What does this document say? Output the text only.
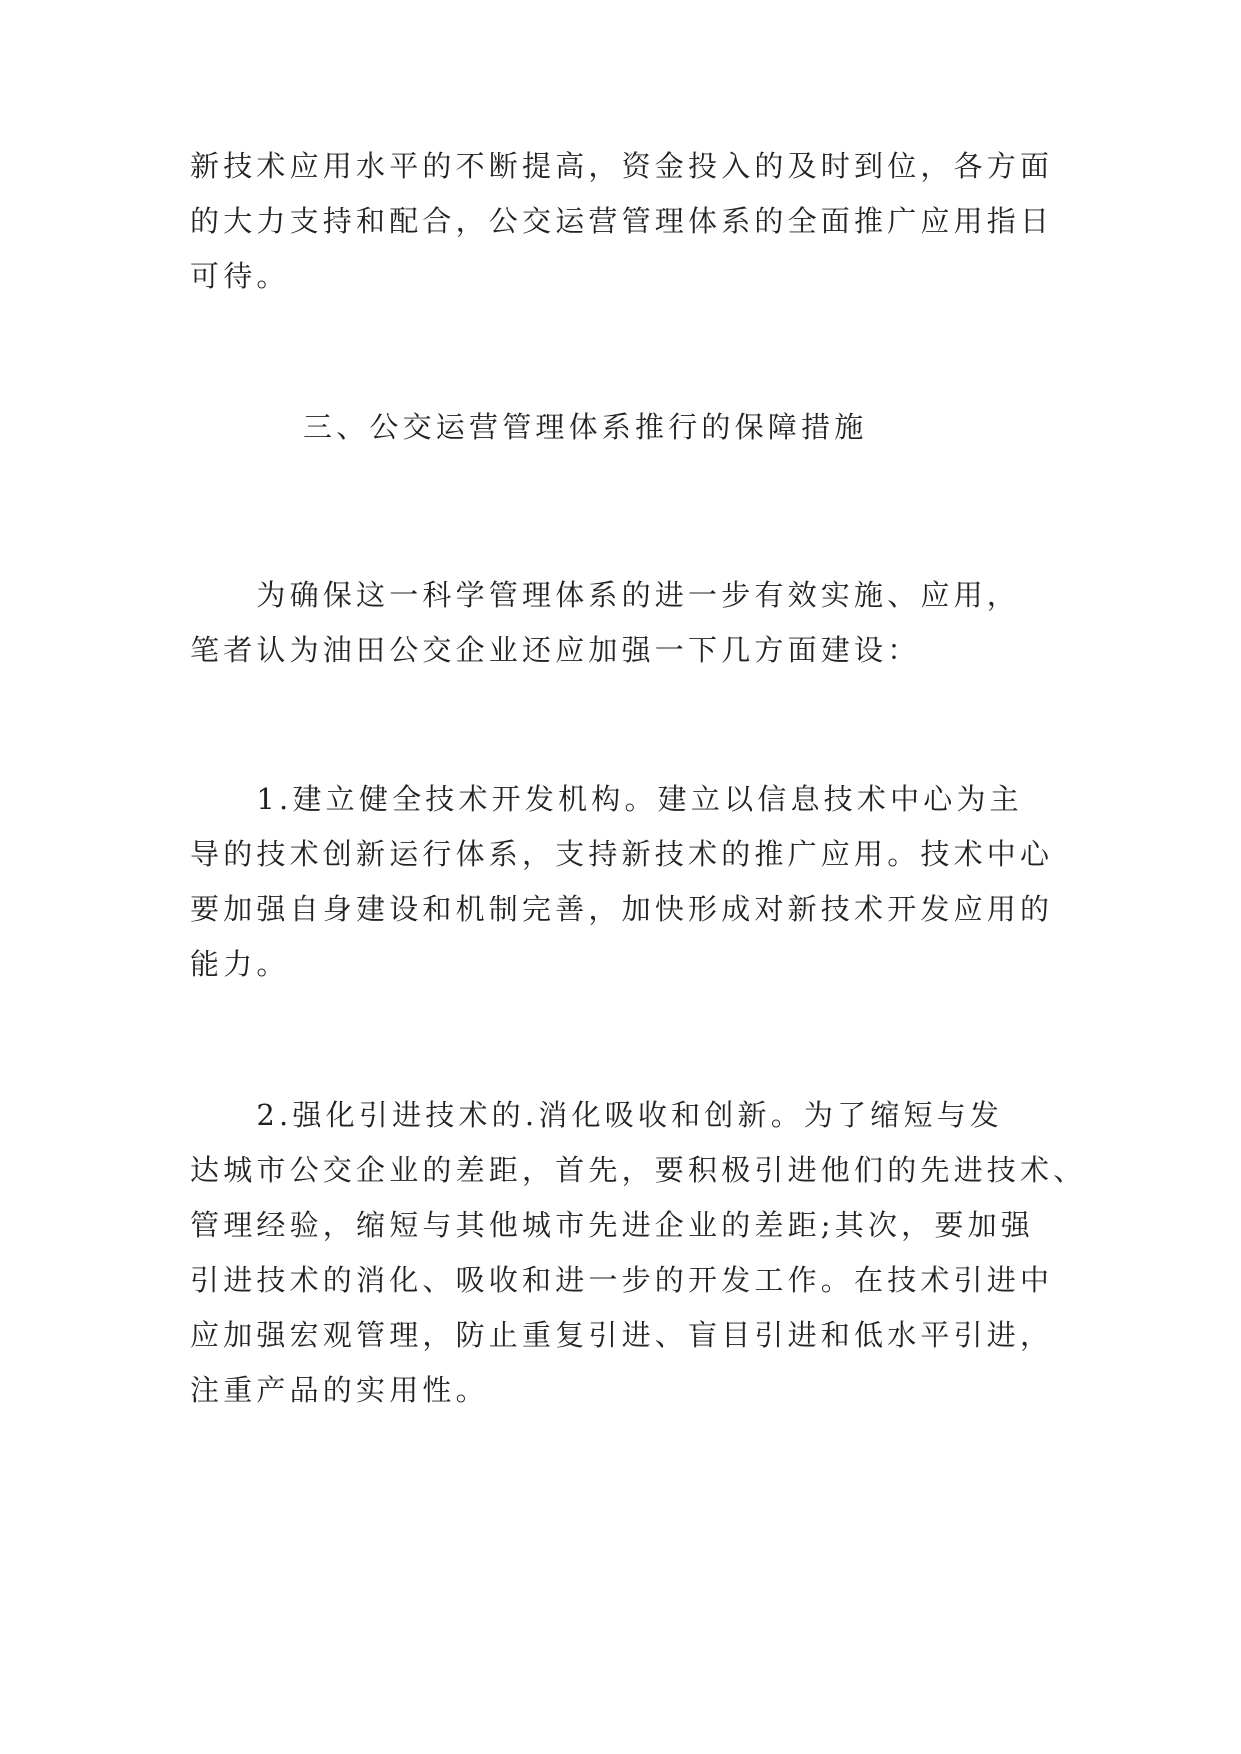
新技术应用水平的不断提高，资金投入的及时到位，各方面
的大力支持和配合，公交运营管理体系的全面推广应用指日
可待。
三、公交运营管理体系推行的保障措施
　　为确保这一科学管理体系的进一步有效实施、应用，
笔者认为油田公交企业还应加强一下几方面建设：
　　1.建立健全技术开发机构。建立以信息技术中心为主
导的技术创新运行体系，支持新技术的推广应用。技术中心
要加强自身建设和机制完善，加快形成对新技术开发应用的
能力。
　　2.强化引进技术的.消化吸收和创新。为了缩短与发
达城市公交企业的差距，首先，要积极引进他们的先进技术、
管理经验，缩短与其他城市先进企业的差距;其次，要加强
引进技术的消化、吸收和进一步的开发工作。在技术引进中
应加强宏观管理，防止重复引进、盲目引进和低水平引进，
注重产品的实用性。
